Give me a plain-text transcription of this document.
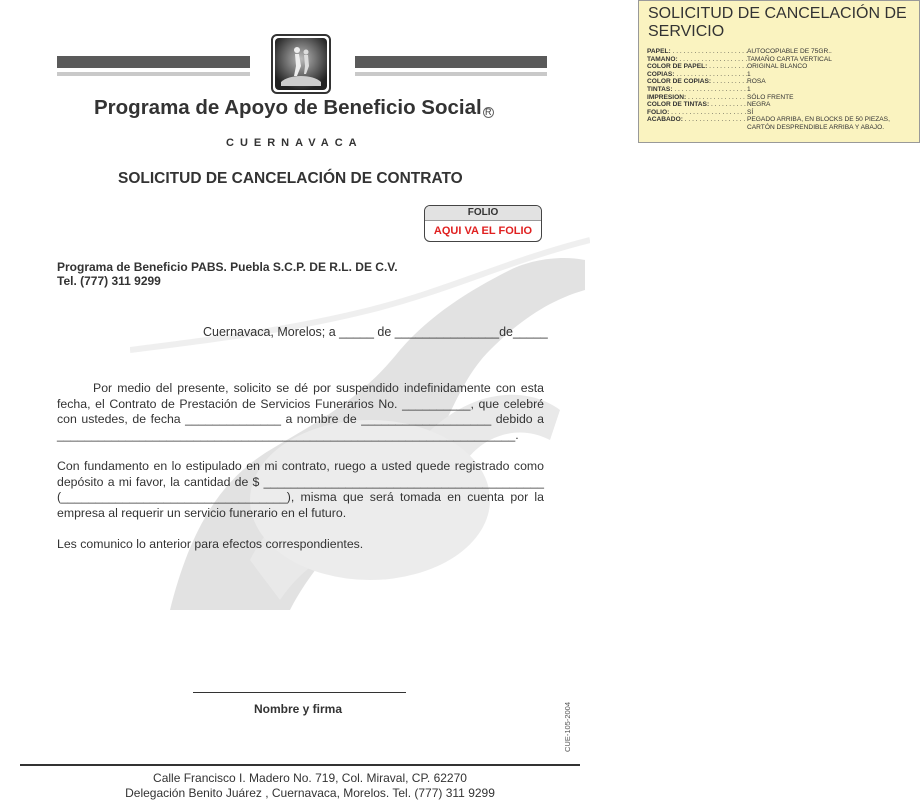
Programa de Apoyo de Beneficio Social R
CUERNAVACA
SOLICITUD DE CANCELACIÓN DE CONTRATO
FOLIO
AQUI VA EL FOLIO
Programa de Beneficio PABS. Puebla S.C.P. DE R.L. DE C.V.
Tel. (777) 311 9299
Cuernavaca, Morelos; a _____ de _______________de_____

Por medio del presente, solicito se dé por suspendido indefinidamente con esta fecha, el Contrato de Prestación de Servicios Funerarios No. __________, que celebré con ustedes, de fecha ______________ a nombre de ___________________ debido a ___________________________________________________________________.

Con fundamento en lo estipulado en mi contrato, ruego a usted quede registrado como depósito a mi favor, la cantidad de $ _________________________________________ (_________________________________), misma que será tomada en cuenta por la empresa al requerir un servicio funerario en el futuro.

Les comunico lo anterior para efectos correspondientes.

Nombre y firma	CUE-105-2004
Calle Francisco I. Madero No. 719, Col. Miraval, CP. 62270
Delegación Benito Juárez , Cuernavaca, Morelos. Tel. (777) 311 9299
SOLICITUD DE CANCELACIÓN DE SERVICIO
PAPEL: . . .	AUTOCOPIABLE DE 75GR..
TAMAÑO: . . .	TAMAÑO CARTA VERTICAL
COLOR DE PAPEL: . . .	ORIGINAL BLANCO
COPIAS: . . .	1
COLOR DE COPIAS: . . .	ROSA
TINTAS: . . .	1
IMPRESIÓN: . . .	SÓLO FRENTE
COLOR DE TINTAS: . . .	NEGRA
FOLIO: . . .	SÍ
ACABADO: . . .	PEGADO ARRIBA, EN BLOCKS DE 50 PIEZAS, CARTÓN DESPRENDIBLE ARRIBA Y ABAJO.
